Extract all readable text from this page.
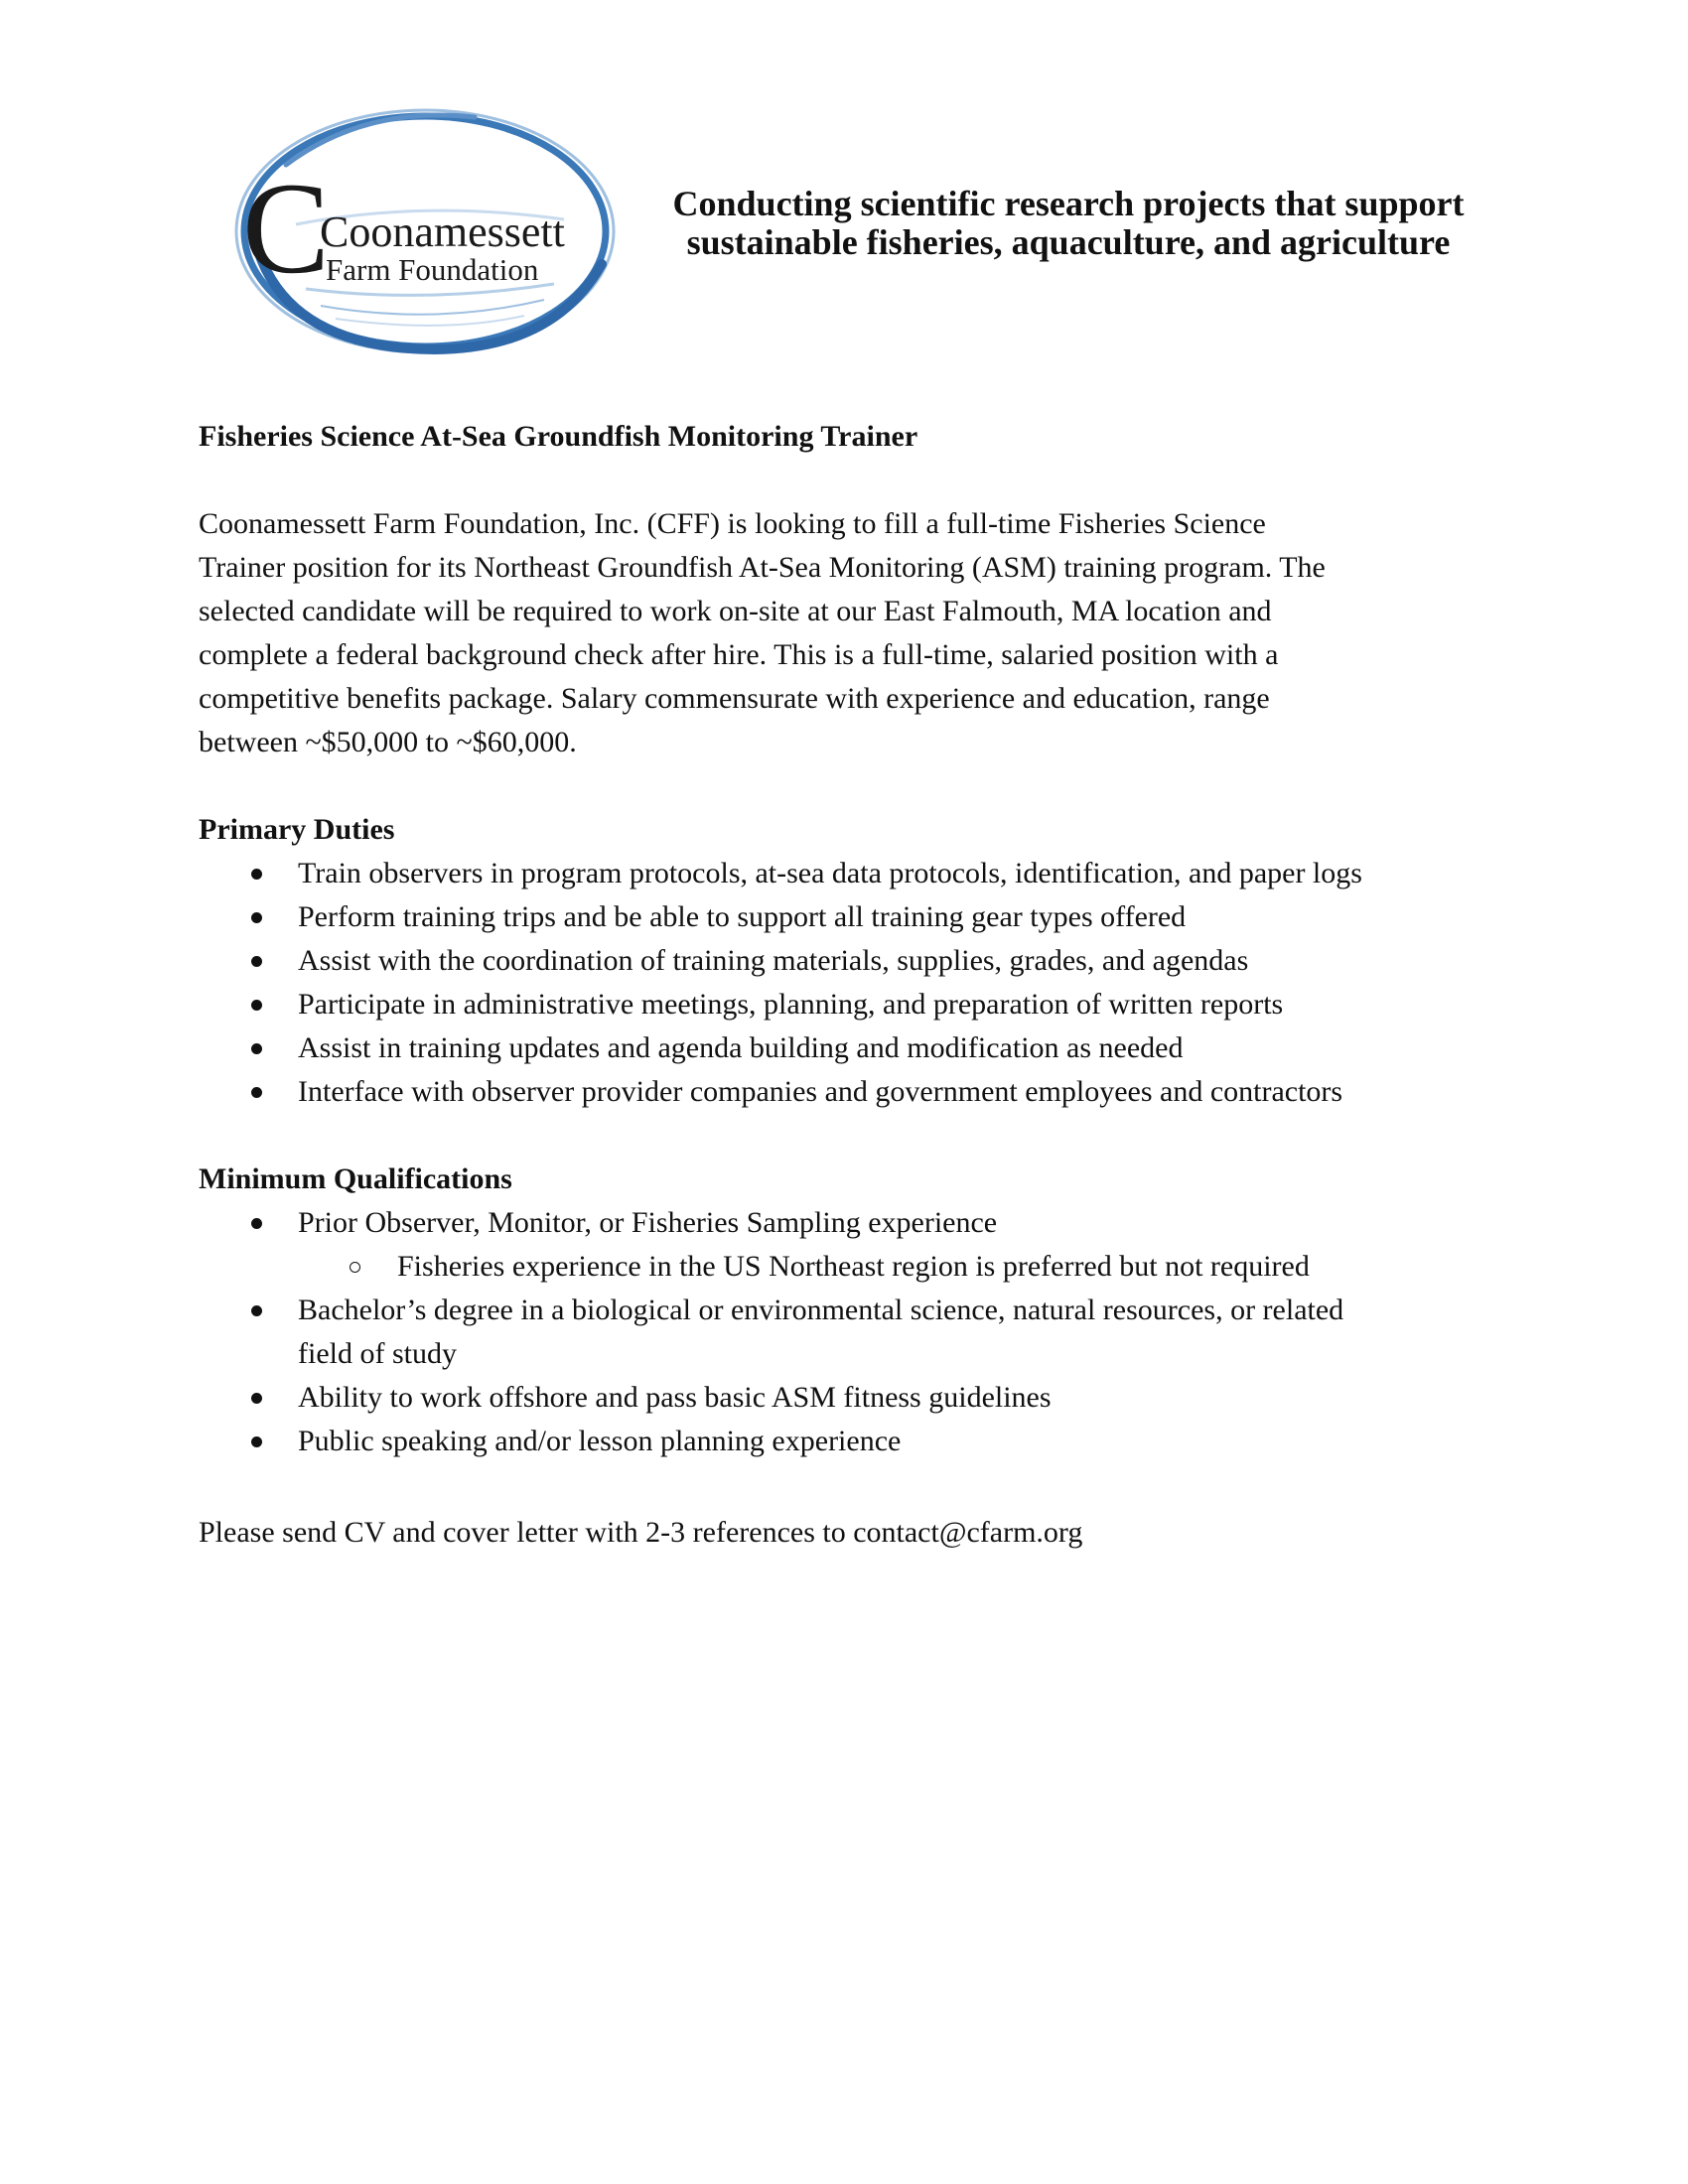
C
Coonamessett
Farm Foundation
Conducting scientific research projects that support
sustainable fisheries, aquaculture, and agriculture
Fisheries Science At-Sea Groundfish Monitoring Trainer

Coonamessett Farm Foundation, Inc. (CFF) is looking to fill a full-time Fisheries Science

Trainer position for its Northeast Groundfish At-Sea Monitoring (ASM) training program. The

selected candidate will be required to work on-site at our East Falmouth, MA location and

complete a federal background check after hire. This is a full-time, salaried position with a

competitive benefits package. Salary commensurate with experience and education, range

between ~$50,000 to ~$60,000.

Primary Duties

Train observers in program protocols, at-sea data protocols, identification, and paper logs
Perform training trips and be able to support all training gear types offered
Assist with the coordination of training materials, supplies, grades, and agendas
Participate in administrative meetings, planning, and preparation of written reports
Assist in training updates and agenda building and modification as needed
Interface with observer provider companies and government employees and contractors

Minimum Qualifications

Prior Observer, Monitor, or Fisheries Sampling experience
Fisheries experience in the US Northeast region is preferred but not required
Bachelor’s degree in a biological or environmental science, natural resources, or related
field of study
Ability to work offshore and pass basic ASM fitness guidelines
Public speaking and/or lesson planning experience
Please send CV and cover letter with 2-3 references to contact@cfarm.org
